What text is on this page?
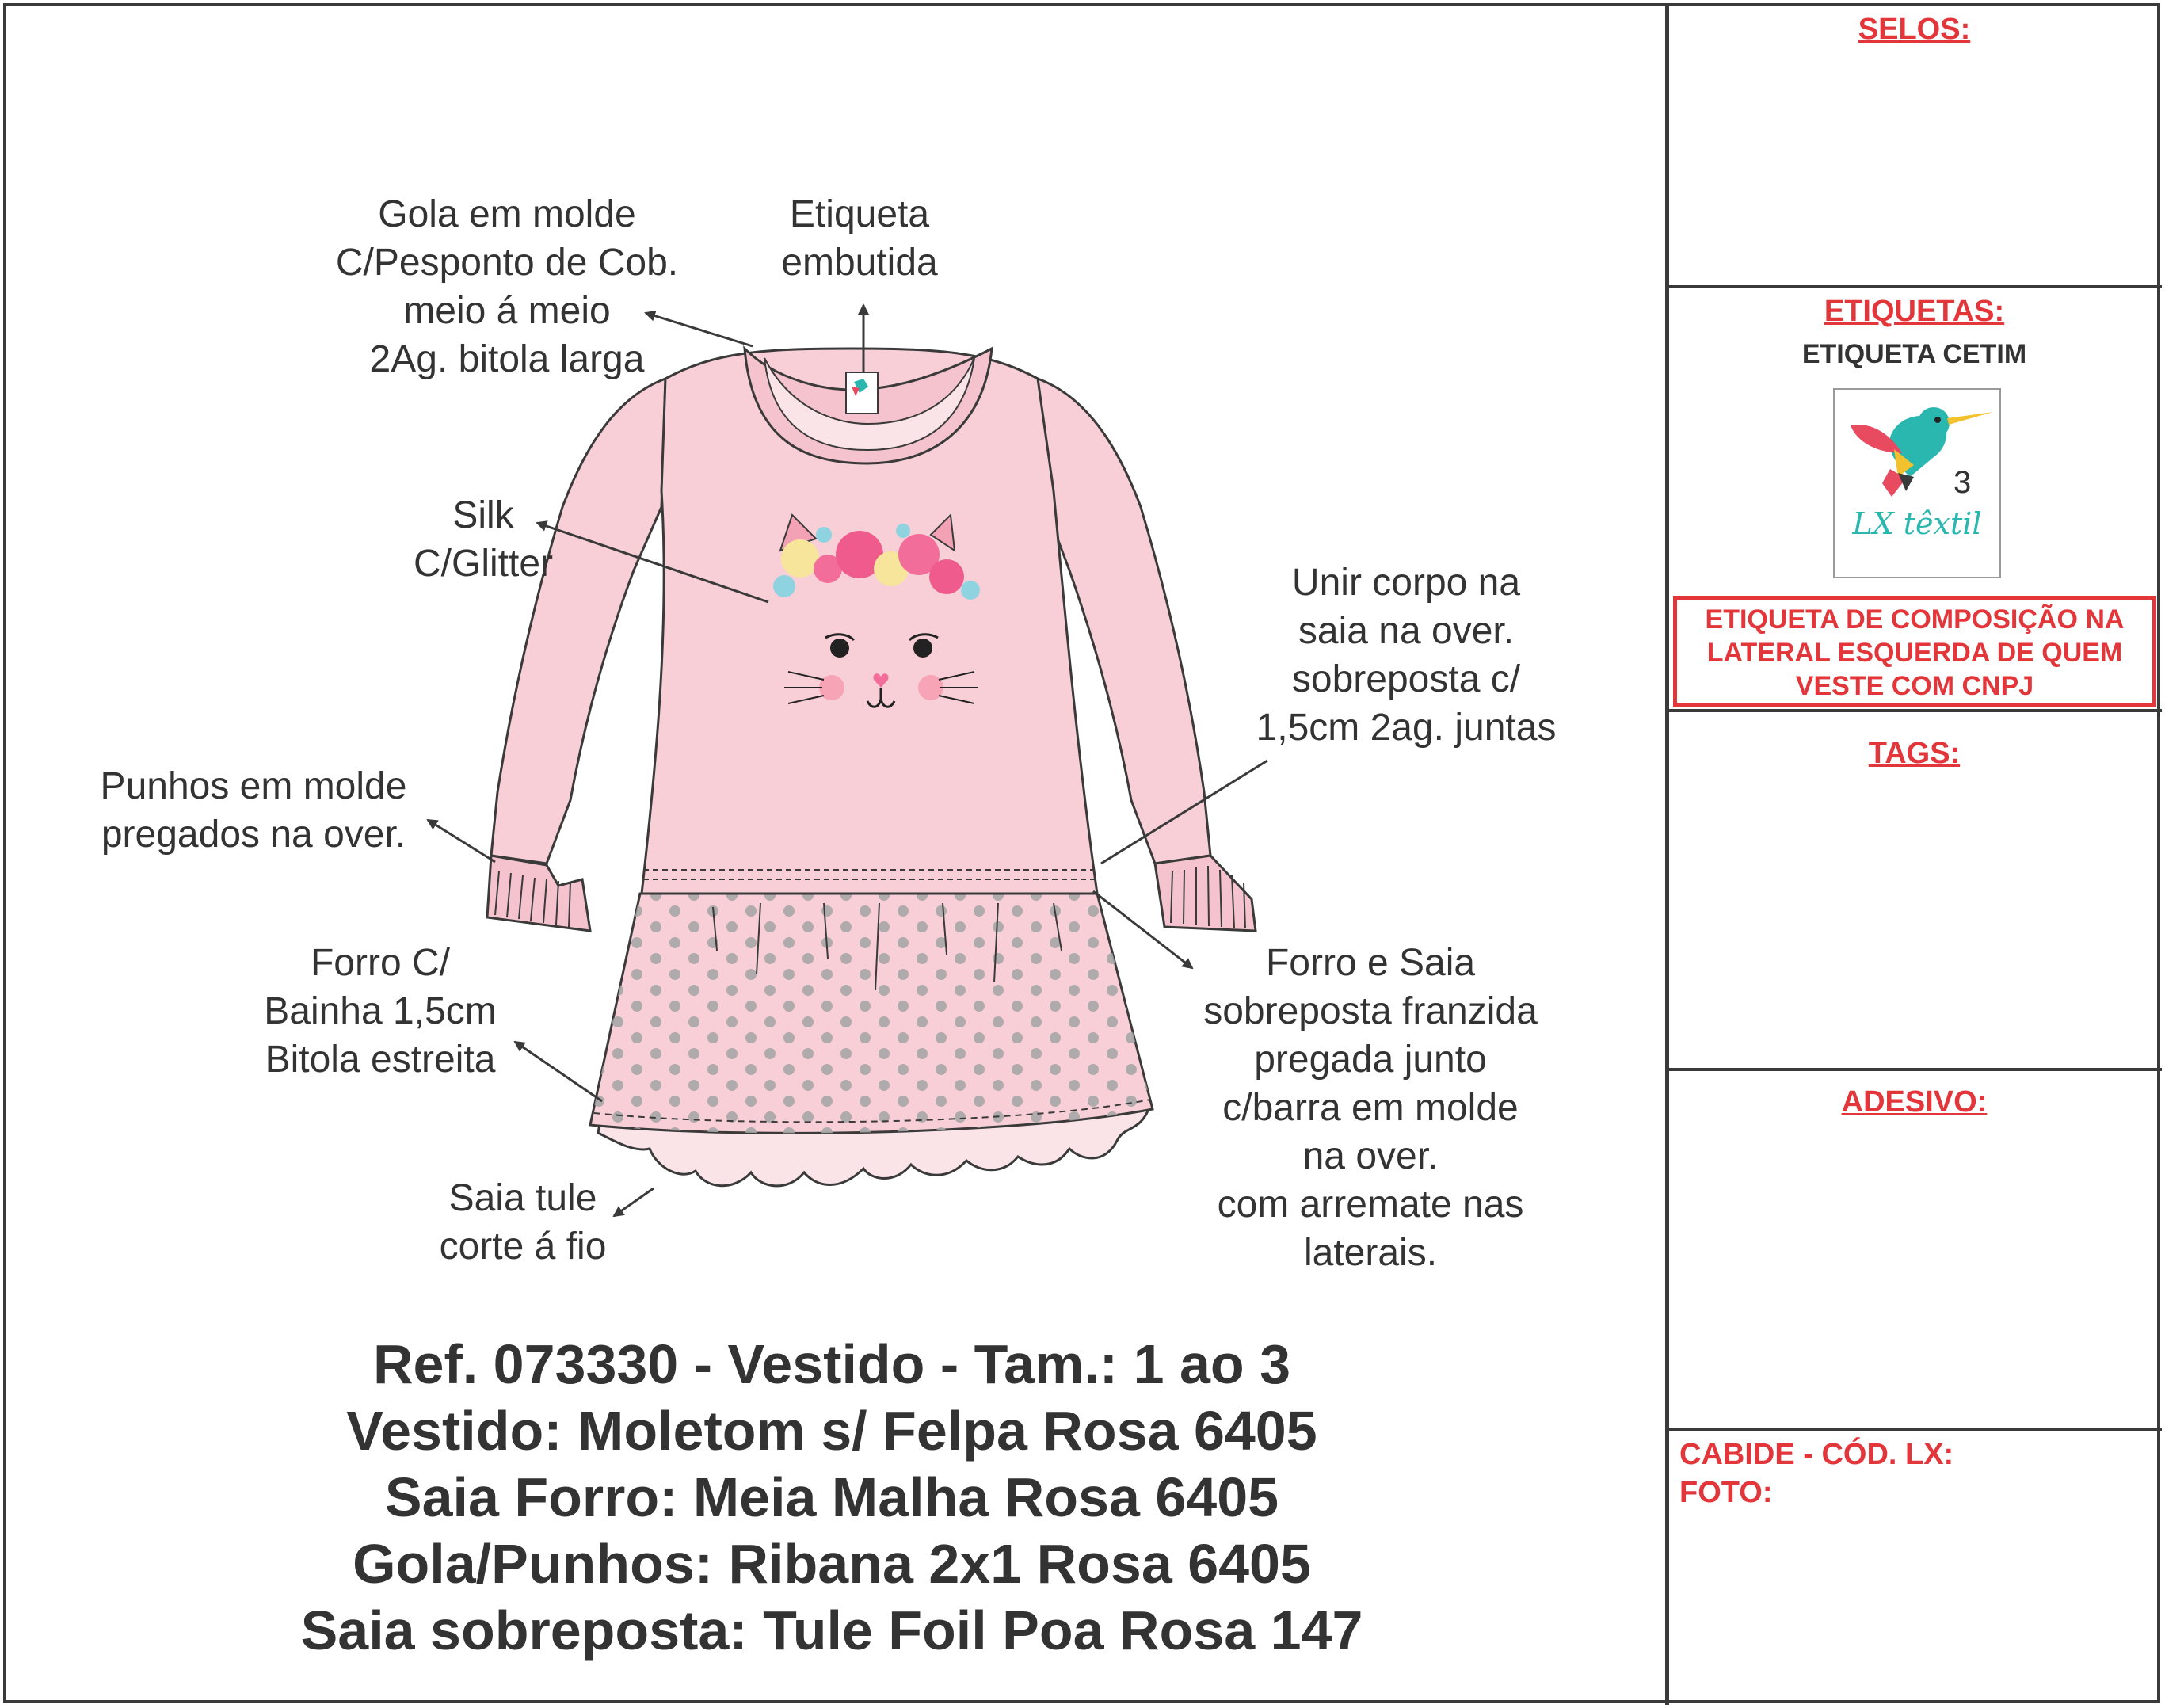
SELOS:
ETIQUETAS:
ETIQUETA CETIM
3
LX têxtil
ETIQUETA DE COMPOSIÇÃO NA
LATERAL ESQUERDA DE QUEM
VESTE COM CNPJ
TAGS:
ADESIVO:
CABIDE - CÓD. LX:
FOTO:
Gola em molde
C/Pesponto de Cob.
meio á meio
2Ag. bitola larga
Etiqueta
embutida
Silk
C/Glitter	Unir corpo na
saia na over.
sobreposta c/
1,5cm 2ag. juntas
Punhos em molde
pregados na over.
Forro C/
Bainha 1,5cm
Bitola estreita
Forro e Saia
sobreposta franzida
pregada junto
c/barra em molde
na over.
com arremate nas
laterais.
Saia tule
corte á fio
Ref. 073330 - Vestido - Tam.: 1 ao 3
Vestido: Moletom s/ Felpa Rosa 6405
Saia Forro: Meia Malha Rosa 6405
Gola/Punhos: Ribana 2x1 Rosa 6405
Saia sobreposta: Tule Foil Poa Rosa 147
